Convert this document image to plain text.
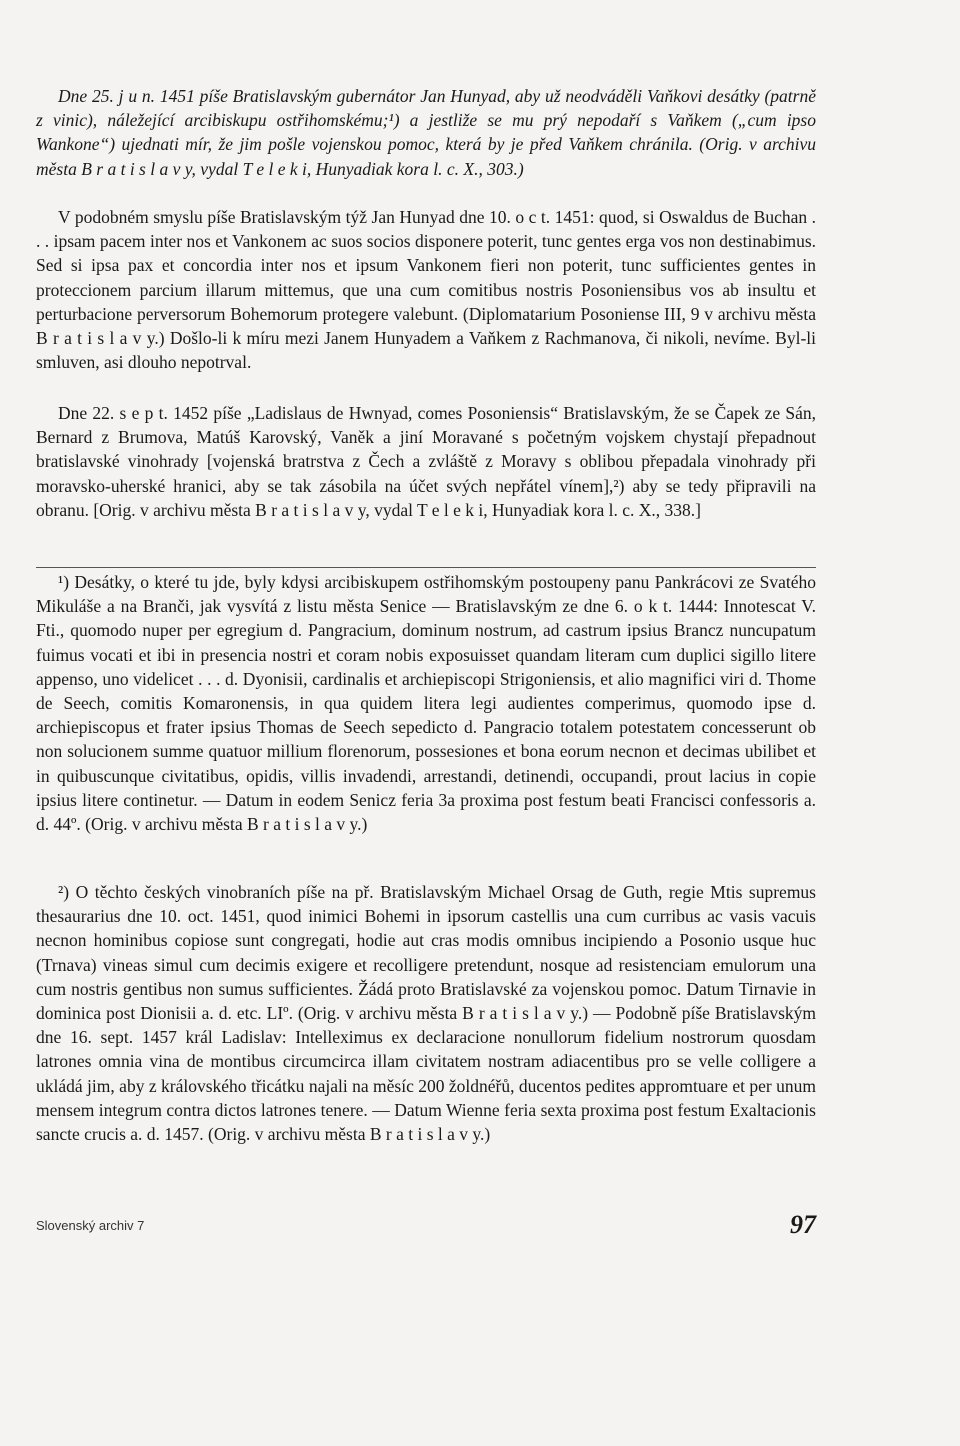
Dne 25. j u n. 1451 píše Bratislavským gubernátor Jan Hunyad, aby už neodváděli Vaňkovi desátky (patrně z vinic), náležející arcibiskupu ostřihomskému;¹) a jestliže se mu prý nepodaří s Vaňkem („cum ipso Wankone“) ujednati mír, že jim pošle vojenskou pomoc, která by je před Vaňkem chránila. (Orig. v archivu města B r a t i s l a v y, vydal T e l e k i, Hunyadiak kora l. c. X., 303.)

V podobném smyslu píše Bratislavským týž Jan Hunyad dne 10. o c t. 1451: quod, si Oswaldus de Buchan . . . ipsam pacem inter nos et Vankonem ac suos socios disponere poterit, tunc gentes erga vos non destinabimus. Sed si ipsa pax et concordia inter nos et ipsum Vankonem fieri non poterit, tunc sufficientes gentes in proteccionem parcium illarum mittemus, que una cum comitibus nostris Posoniensibus vos ab insultu et perturbacione perversorum Bohemorum protegere valebunt. (Diplomatarium Posoniense III, 9 v archivu města B r a t i s l a v y.) Došlo-li k míru mezi Janem Hunyadem a Vaňkem z Rachmanova, či nikoli, nevíme. Byl-li smluven, asi dlouho nepotrval.

Dne 22. s e p t. 1452 píše „Ladislaus de Hwnyad, comes Posoniensis“ Bratislavským, že se Čapek ze Sán, Bernard z Brumova, Matúš Karovský, Vaněk a jiní Moravané s početným vojskem chystají přepadnout bratislavské vinohrady [vojenská bratrstva z Čech a zvláště z Moravy s oblibou přepadala vinohrady při moravsko-uherské hranici, aby se tak zásobila na účet svých nepřátel vínem],²) aby se tedy připravili na obranu. [Orig. v archivu města B r a t i s l a v y, vydal T e l e k i, Hunyadiak kora l. c. X., 338.]

¹) Desátky, o které tu jde, byly kdysi arcibiskupem ostřihomským postoupeny panu Pankrácovi ze Svatého Mikuláše a na Branči, jak vysvítá z listu města Senice — Bratislavským ze dne 6. o k t. 1444: Innotescat V. Fti., quomodo nuper per egregium d. Pangracium, dominum nostrum, ad castrum ipsius Brancz nuncupatum fuimus vocati et ibi in presencia nostri et coram nobis exposuisset quandam literam cum duplici sigillo litere appenso, uno videlicet . . . d. Dyonisii, cardinalis et archiepiscopi Strigoniensis, et alio magnifici viri d. Thome de Seech, comitis Komaronensis, in qua quidem litera legi audientes comperimus, quomodo ipse d. archiepiscopus et frater ipsius Thomas de Seech sepedicto d. Pangracio totalem potestatem concesserunt ob non solucionem summe quatuor millium florenorum, possesiones et bona eorum necnon et decimas ubilibet et in quibuscunque civitatibus, opidis, villis invadendi, arrestandi, detinendi, occupandi, prout lacius in copie ipsius litere continetur. — Datum in eodem Senicz feria 3a proxima post festum beati Francisci confessoris a. d. 44º. (Orig. v archivu města B r a t i s l a v y.)

²) O těchto českých vinobraních píše na př. Bratislavským Michael Orsag de Guth, regie Mtis supremus thesaurarius dne 10. oct. 1451, quod inimici Bohemi in ipsorum castellis una cum curribus ac vasis vacuis necnon hominibus copiose sunt congregati, hodie aut cras modis omnibus incipiendo a Posonio usque huc (Trnava) vineas simul cum decimis exigere et recolligere pretendunt, nosque ad resistenciam emulorum una cum nostris gentibus non sumus sufficientes. Žádá proto Bratislavské za vojenskou pomoc. Datum Tirnavie in dominica post Dionisii a. d. etc. LIº. (Orig. v archivu města B r a t i s l a v y.) — Podobně píše Bratislavským dne 16. sept. 1457 král Ladislav: Intelleximus ex declaracione nonullorum fidelium nostrorum quosdam latrones omnia vina de montibus circumcirca illam civitatem nostram adiacentibus pro se velle colligere a ukládá jim, aby z královského třicátku najali na měsíc 200 žoldnéřů, ducentos pedites appromtuare et per unum mensem integrum contra dictos latrones tenere. — Datum Wienne feria sexta proxima post festum Exaltacionis sancte crucis a. d. 1457. (Orig. v archivu města B r a t i s l a v y.)

Slovenský archiv 7	97
